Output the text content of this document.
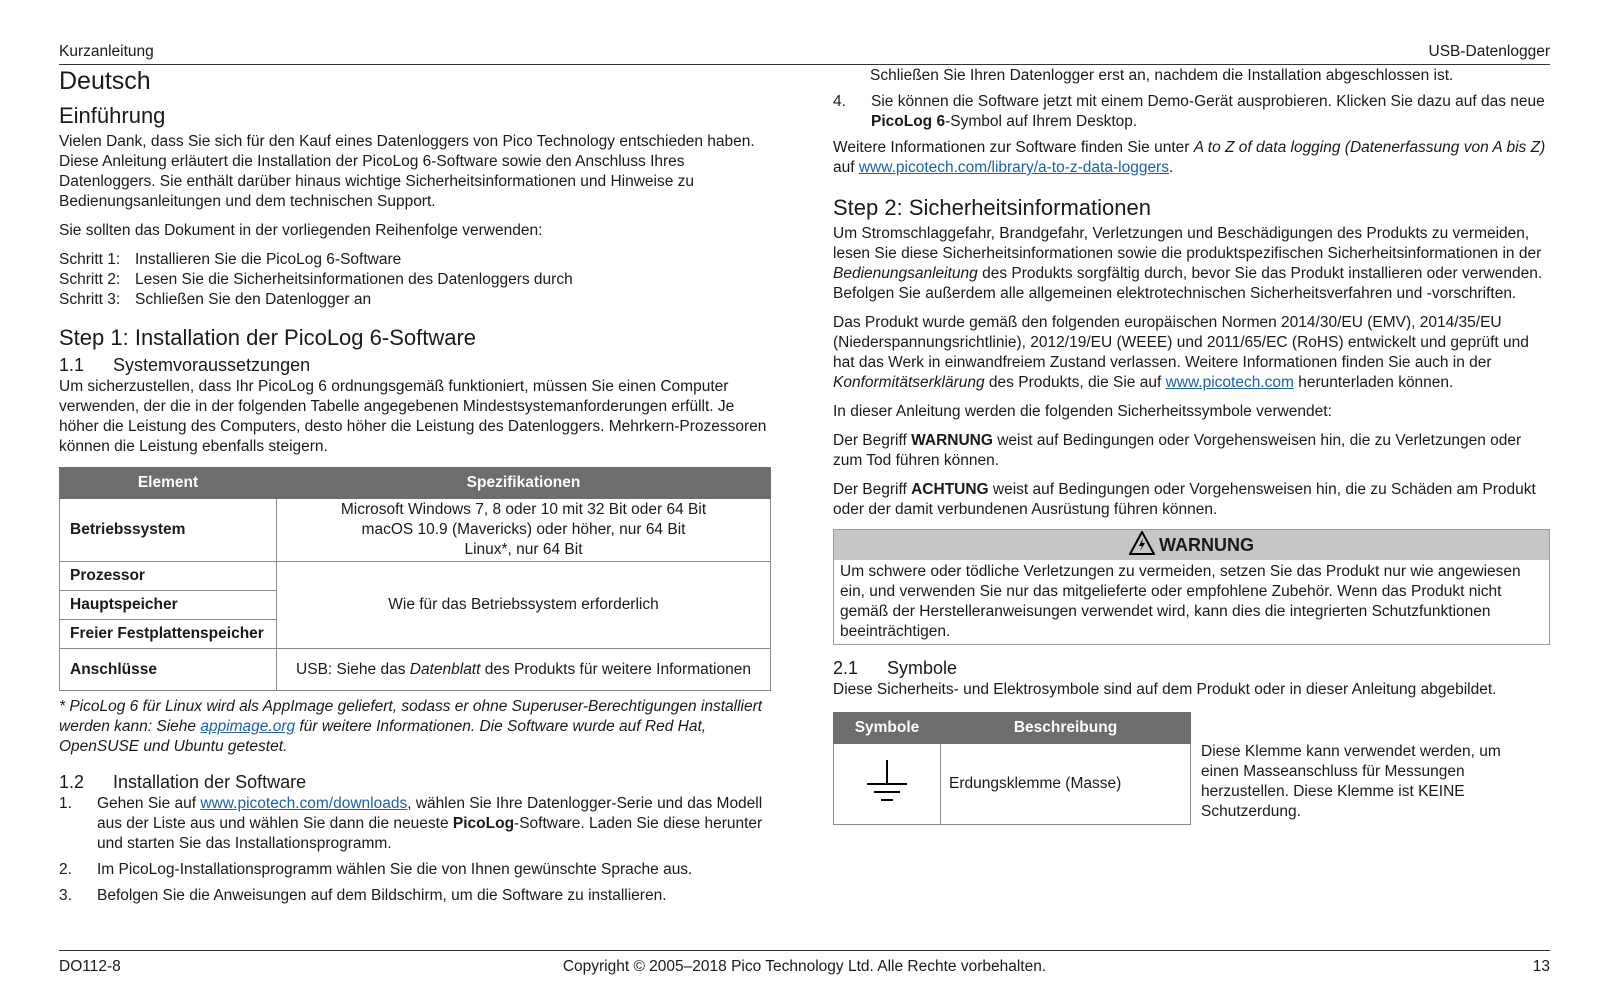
Kurzanleitung	USB-Datenlogger
Deutsch
Einführung

Vielen Dank, dass Sie sich für den Kauf eines Datenloggers von Pico Technology entschieden haben. Diese Anleitung erläutert die Installation der PicoLog 6-Software sowie den Anschluss Ihres Datenloggers. Sie enthält darüber hinaus wichtige Sicherheitsinformationen und Hinweise zu Bedienungsanleitungen und dem technischen Support.

Sie sollten das Dokument in der vorliegenden Reihenfolge verwenden:

Schritt 1: Installieren Sie die PicoLog 6-Software
Schritt 2: Lesen Sie die Sicherheitsinformationen des Datenloggers durch
Schritt 3: Schließen Sie den Datenlogger an
Step 1: Installation der PicoLog 6-Software
1.1 Systemvoraussetzungen

Um sicherzustellen, dass Ihr PicoLog 6 ordnungsgemäß funktioniert, müssen Sie einen Computer verwenden, der die in der folgenden Tabelle angegebenen Mindestsystemanforderungen erfüllt. Je höher die Leistung des Computers, desto höher die Leistung des Datenloggers. Mehrkern-Prozessoren können die Leistung ebenfalls steigern.

Element	Spezifikationen
Betriebssystem	Microsoft Windows 7, 8 oder 10 mit 32 Bit oder 64 Bit
macOS 10.9 (Mavericks) oder höher, nur 64 Bit
Linux*, nur 64 Bit

Prozessor	Wie für das Betriebssystem erforderlich
Hauptspeicher	
Freier Festplattenspeicher	
Anschlüsse	USB: Siehe das Datenblatt des Produkts für weitere Informationen

* PicoLog 6 für Linux wird als AppImage geliefert, sodass er ohne Superuser-Berechtigungen installiert werden kann: Siehe appimage.org für weitere Informationen. Die Software wurde auf Red Hat, OpenSUSE und Ubuntu getestet.

1.2 Installation der Software
1. Gehen Sie auf www.picotech.com/downloads, wählen Sie Ihre Datenlogger-Serie und das Modell aus der Liste aus und wählen Sie dann die neueste PicoLog-Software. Laden Sie diese herunter und starten Sie das Installationsprogramm.
2. Im PicoLog-Installationsprogramm wählen Sie die von Ihnen gewünschte Sprache aus.
3. Befolgen Sie die Anweisungen auf dem Bildschirm, um die Software zu installieren.
Schließen Sie Ihren Datenlogger erst an, nachdem die Installation abgeschlossen ist.
4. Sie können die Software jetzt mit einem Demo-Gerät ausprobieren. Klicken Sie dazu auf das neue PicoLog 6-Symbol auf Ihrem Desktop.

Weitere Informationen zur Software finden Sie unter A to Z of data logging (Datenerfassung von A bis Z) auf www.picotech.com/library/a-to-z-data-loggers.

Step 2: Sicherheitsinformationen

Um Stromschlaggefahr, Brandgefahr, Verletzungen und Beschädigungen des Produkts zu vermeiden, lesen Sie diese Sicherheitsinformationen sowie die produktspezifischen Sicherheitsinformationen in der Bedienungsanleitung des Produkts sorgfältig durch, bevor Sie das Produkt installieren oder verwenden. Befolgen Sie außerdem alle allgemeinen elektrotechnischen Sicherheitsverfahren und -vorschriften.

Das Produkt wurde gemäß den folgenden europäischen Normen 2014/30/EU (EMV), 2014/35/EU (Niederspannungsrichtlinie), 2012/19/EU (WEEE) und 2011/65/EC (RoHS) entwickelt und geprüft und hat das Werk in einwandfreiem Zustand verlassen. Weitere Informationen finden Sie auch in der Konformitätserklärung des Produkts, die Sie auf www.picotech.com herunterladen können.

In dieser Anleitung werden die folgenden Sicherheitssymbole verwendet:

Der Begriff WARNUNG weist auf Bedingungen oder Vorgehensweisen hin, die zu Verletzungen oder zum Tod führen können.

Der Begriff ACHTUNG weist auf Bedingungen oder Vorgehensweisen hin, die zu Schäden am Produkt oder der damit verbundenen Ausrüstung führen können.

WARNUNG
Um schwere oder tödliche Verletzungen zu vermeiden, setzen Sie das Produkt nur wie angewiesen ein, und verwenden Sie nur das mitgelieferte oder empfohlene Zubehör. Wenn das Produkt nicht gemäß der Herstelleranweisungen verwendet wird, kann dies die integrierten Schutzfunktionen beeinträchtigen.
2.1 Symbole

Diese Sicherheits- und Elektrosymbole sind auf dem Produkt oder in dieser Anleitung abgebildet.

Symbole	Beschreibung
	Erdungsklemme (Masse)
Diese Klemme kann verwendet werden, um einen Masseanschluss für Messungen herzustellen. Diese Klemme ist KEINE Schutzerdung.
DO112-8	Copyright © 2005–2018 Pico Technology Ltd. Alle Rechte vorbehalten.	13
